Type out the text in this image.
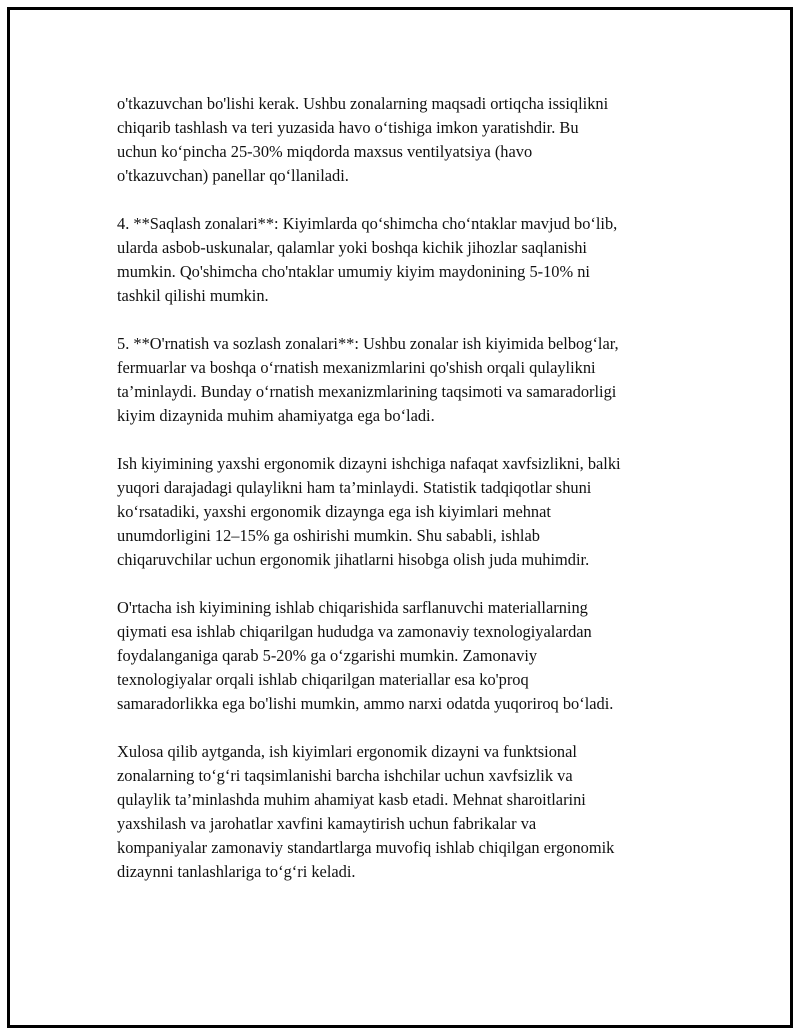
o'tkazuvchan bo'lishi kerak. Ushbu zonalarning maqsadi ortiqcha issiqlikni
chiqarib tashlash va teri yuzasida havo o‘tishiga imkon yaratishdir. Bu
uchun ko‘pincha 25-30% miqdorda maxsus ventilyatsiya (havo
o'tkazuvchan) panellar qo‘llaniladi.

4. **Saqlash zonalari**: Kiyimlarda qo‘shimcha cho‘ntaklar mavjud bo‘lib,
ularda asbob-uskunalar, qalamlar yoki boshqa kichik jihozlar saqlanishi
mumkin. Qo'shimcha cho'ntaklar umumiy kiyim maydonining 5-10% ni
tashkil qilishi mumkin.

5. **O'rnatish va sozlash zonalari**: Ushbu zonalar ish kiyimida belbog‘lar,
fermuarlar va boshqa o‘rnatish mexanizmlarini qo'shish orqali qulaylikni
ta’minlaydi. Bunday o‘rnatish mexanizmlarining taqsimoti va samaradorligi
kiyim dizaynida muhim ahamiyatga ega bo‘ladi.

Ish kiyimining yaxshi ergonomik dizayni ishchiga nafaqat xavfsizlikni, balki
yuqori darajadagi qulaylikni ham ta’minlaydi. Statistik tadqiqotlar shuni
ko‘rsatadiki, yaxshi ergonomik dizaynga ega ish kiyimlari mehnat
unumdorligini 12–15% ga oshirishi mumkin. Shu sababli, ishlab
chiqaruvchilar uchun ergonomik jihatlarni hisobga olish juda muhimdir.

O'rtacha ish kiyimining ishlab chiqarishida sarflanuvchi materiallarning
qiymati esa ishlab chiqarilgan hududga va zamonaviy texnologiyalardan
foydalanganiga qarab 5-20% ga o‘zgarishi mumkin. Zamonaviy
texnologiyalar orqali ishlab chiqarilgan materiallar esa ko'proq
samaradorlikka ega bo'lishi mumkin, ammo narxi odatda yuqoriroq bo‘ladi.

Xulosa qilib aytganda, ish kiyimlari ergonomik dizayni va funktsional
zonalarning to‘g‘ri taqsimlanishi barcha ishchilar uchun xavfsizlik va
qulaylik ta’minlashda muhim ahamiyat kasb etadi. Mehnat sharoitlarini
yaxshilash va jarohatlar xavfini kamaytirish uchun fabrikalar va
kompaniyalar zamonaviy standartlarga muvofiq ishlab chiqilgan ergonomik
dizaynni tanlashlariga to‘g‘ri keladi.
